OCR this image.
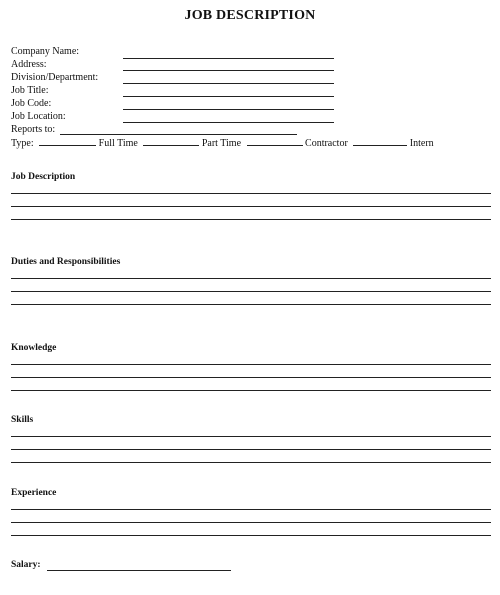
JOB DESCRIPTION
Company Name:
Address:
Division/Department:
Job Title:
Job Code:
Job Location:
Reports to:
Type:	Full Time	Part Time	Contractor	Intern
Job Description
Duties and Responsibilities
Knowledge
Skills
Experience
Salary:
